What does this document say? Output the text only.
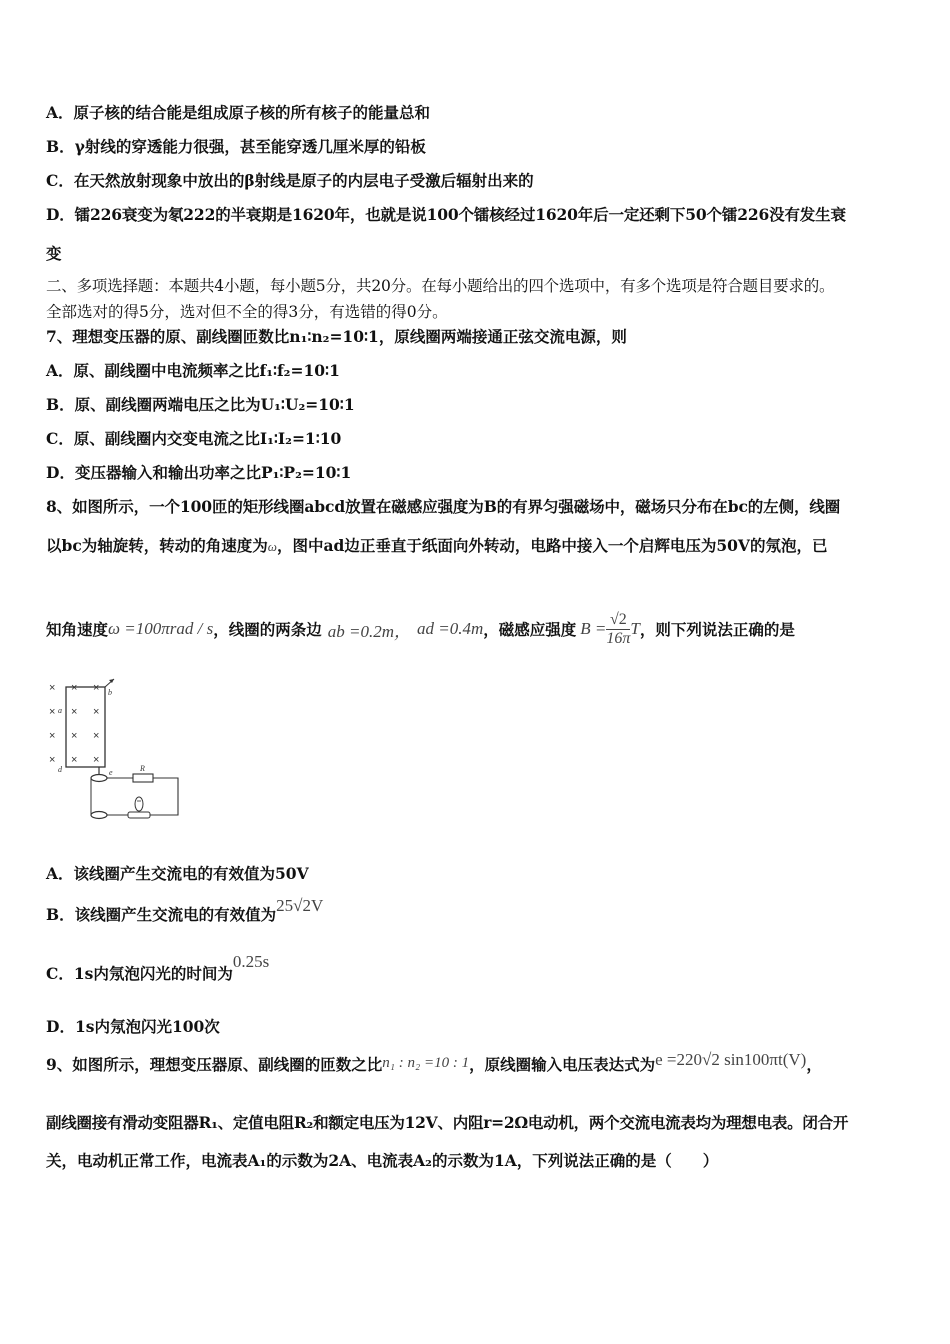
A．原子核的结合能是组成原子核的所有核子的能量总和
B．γ射线的穿透能力很强，甚至能穿透几厘米厚的铅板
C．在天然放射现象中放出的β射线是原子的内层电子受激后辐射出来的
D．镭226衰变为氡222的半衰期是1620年，也就是说100个镭核经过1620年后一定还剩下50个镭226没有发生衰
变
二、多项选择题：本题共4小题，每小题5分，共20分。在每小题给出的四个选项中，有多个选项是符合题目要求的。
全部选对的得5分，选对但不全的得3分，有选错的得0分。
7、理想变压器的原、副线圈匝数比n₁∶n₂=10∶1，原线圈两端接通正弦交流电源，则
A．原、副线圈中电流频率之比f₁∶f₂=10∶1
B．原、副线圈两端电压之比为U₁∶U₂=10∶1
C．原、副线圈内交变电流之比I₁∶I₂=1∶10
D．变压器输入和输出功率之比P₁∶P₂=10∶1
8、如图所示，一个100匝的矩形线圈abcd放置在磁感应强度为B的有界匀强磁场中，磁场只分布在bc的左侧，线圈
以bc为轴旋转，转动的角速度为ω，图中ad边正垂直于纸面向外转动，电路中接入一个启辉电压为50V的氖泡，已
知角速度ω =100πrad / s，线圈的两条边 ab =0.2m， ad =0.4m，磁感应强度 $B = \frac{√2}{16\pi}$ T，则下列说法正确的是
× × ×
× × ×
× × ×
× × ×
a
b
d	e	R
A．该线圈产生交流电的有效值为50V
B．该线圈产生交流电的有效值为25√2V
C．1s内氖泡闪光的时间为0.25s
D．1s内氖泡闪光100次
9、如图所示，理想变压器原、副线圈的匝数之比n₁ : n₂ =10 : 1，原线圈输入电压表达式为e =220√2 sin100πt(V)，
副线圈接有滑动变阻器R₁、定值电阻R₂和额定电压为12V、内阻r=2Ω电动机，两个交流电流表均为理想电表。闭合开
关，电动机正常工作，电流表A₁的示数为2A、电流表A₂的示数为1A，下列说法正确的是（　　）
